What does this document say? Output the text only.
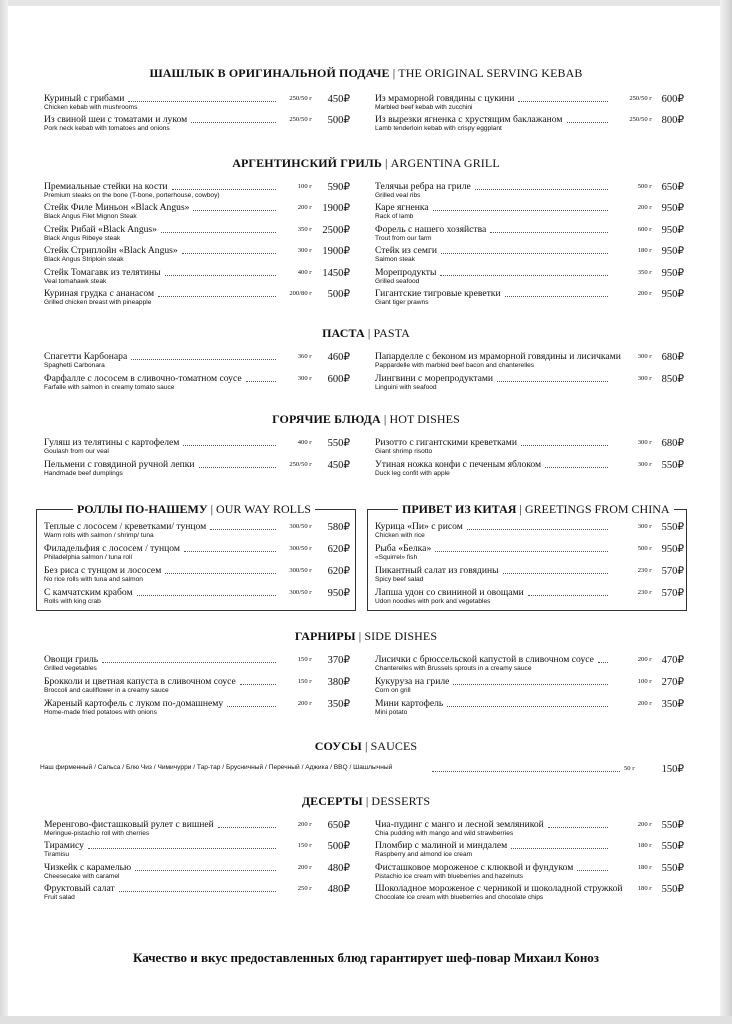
ШАШЛЫК В ОРИГИНАЛЬНОЙ ПОДАЧЕ | THE ORIGINAL SERVING KEBAB
АРГЕНТИНСКИЙ ГРИЛЬ | ARGENTINA GRILL
ПАСТА | PASTA
ГОРЯЧИЕ БЛЮДА | HOT DISHES
ГАРНИРЫ | SIDE DISHES
СОУСЫ | SAUCES
ДЕСЕРТЫ | DESSERTS
РОЛЛЫ ПО-НАШЕМУ | OUR WAY ROLLS	ПРИВЕТ ИЗ КИТАЯ | GREETINGS FROM CHINA
Куриный с грибами
Chicken kebab with mushrooms
250/50 г	450₽
Из свиной шеи с томатами и луком
Pork neck kebab with tomatoes and onions
250/50 г	500₽
Из мраморной говядины с цукини
Marbled beef kebab with zucchini
250/50 г 600₽
Из вырезки ягненка с хрустящим баклажаном
Lamb tenderloin kebab with crispy eggplant
250/50 г 800₽
Премиальные стейки на кости
Premium steaks on the bone (T-bone, porterhouse, cowboy)
100 г	590₽
Стейк Филе Миньон «Black Angus»
Black Angus Filet Mignon Steak
200 г 1900₽
Стейк Рибай «Black Angus»
Black Angus Ribeye steak
350 г 2500₽
Стейк Стриплойн «Black Angus»
Black Angus Striploin steak
300 г 1900₽
Стейк Томагавк из телятины
Veal tomahawk steak
400 г 1450₽
Куриная грудка с ананасом
Grilled chicken breast with pineapple
200/80 г	500₽
Телячьи ребра на гриле
Grilled veal ribs
500 г 650₽
Каре ягненка
Rack of lamb
200 г 950₽
Форель с нашего хозяйства
Trout from our farm
600 г 950₽
Стейк из семги
Salmon steak
180 г 950₽
Морепродукты
Grilled seafood
350 г 950₽
Гигантские тигровые креветки
Giant tiger prawns
200 г 950₽
Спагетти Карбонара
Spaghetti Carbonara
360 г	460₽
Фарфалле с лососем в сливочно-томатном соусе
Farfalle with salmon in creamy tomato sauce
300 г	600₽
Папарделле с беконом из мраморной говядины и лисичками
Pappardelle with marbled beef bacon and chanterelles
300 г 680₽
Лингвини с морепродуктами
Linguini with seafood
300 г 850₽
Гуляш из телятины с картофелем
Goulash from our veal
400 г	550₽
Пельмени с говядиной ручной лепки
Handmade beef dumplings
250/50 г	450₽
Ризотто с гигантскими креветками
Giant shrimp risotto
300 г 680₽
Утиная ножка конфи с печеным яблоком
Duck leg confit with apple
300 г 550₽
Теплые с лососем / креветками/ тунцом
Warm rolls with salmon / shrimp/ tuna
300/50 г	580₽
Филадельфия с лососем / тунцом
Philadelphia salmon / tuna roll
300/50 г	620₽
Без риса с тунцом и лососем
No rice rolls with tuna and salmon
300/50 г	620₽
С камчатским крабом
Rolls with king crab
300/50 г	950₽
Курица «Пи» с рисом
Chicken with rice
300 г 550₽
Рыба «Белка»
«Squirrel» fish
500 г 950₽
Пикантный салат из говядины
Spicy beef salad
230 г 570₽
Лапша удон со свининой и овощами
Udon noodles with pork and vegetables
230 г 570₽
Овощи гриль
Grilled vegetables
150 г	370₽
Брокколи и цветная капуста в сливочном соусе
Broccoli and cauliflower in a creamy sauce
150 г	380₽
Жареный картофель с луком по-домашнему
Home-made fried potatoes with onions
200 г	350₽
Лисички с брюссельской капустой в сливочном соусе
Chanterelles with Brussels sprouts in a creamy sauce
200 г 470₽
Кукуруза на гриле
Corn on grill
100 г 270₽
Мини картофель
Mini potato
200 г 350₽
Меренгово-фисташковый рулет с вишней
Meringue-pistachio roll with cherries
200 г	650₽
Тирамису
Tiramisu
150 г	500₽
Чизкейк с карамелью
Cheesecake with caramel
200 г	480₽
Фруктовый салат
Fruit salad
250 г	480₽
Чиа-пудинг с манго и лесной земляникой
Chia pudding with mango and wild strawberries
200 г 550₽
Пломбир с малиной и миндалем
Raspberry and almond ice cream
180 г 550₽
Фисташковое мороженое с клюквой и фундуком
Pistachio ice cream with blueberries and hazelnuts
180 г 550₽
Шоколадное мороженое с черникой и шоколадной стружкой
Chocolate ice cream with blueberries and chocolate chips
180 г 550₽
Наш фирменный / Сальса / Блю Чиз / Чимичурри / Тар-тар / Брусничный / Перечный / Аджика / BBQ / Шашлычный	50 г	150₽
Качество и вкус предоставленных блюд гарантирует шеф-повар Михаил Коноз
